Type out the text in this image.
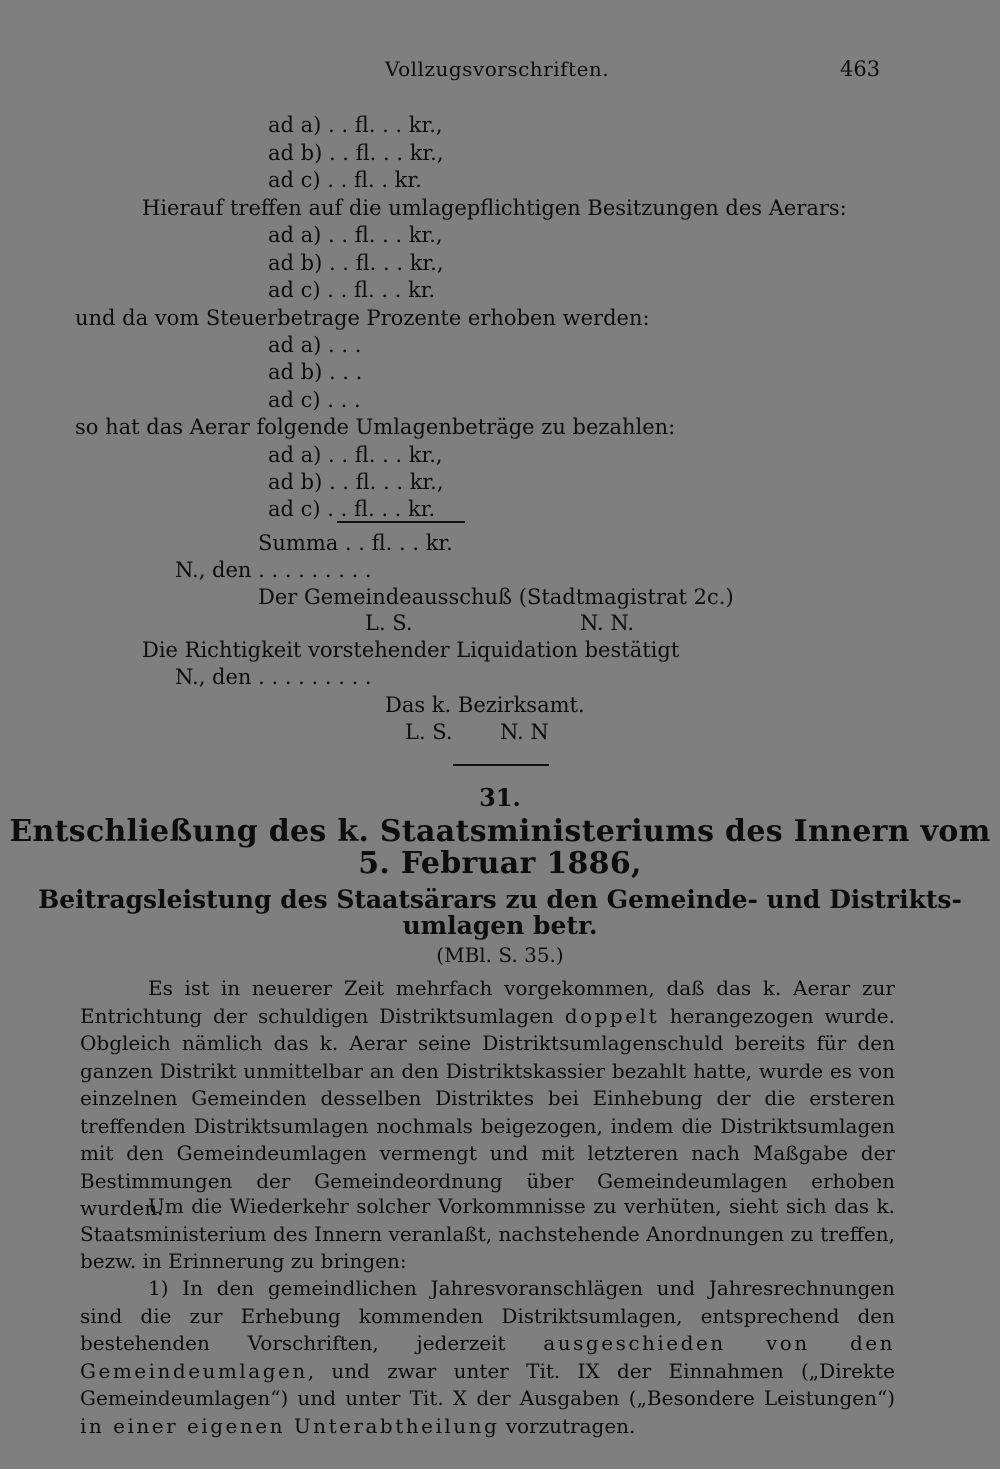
Vollzugsvorschriften.	463
ad a) . . fl. . . kr.,
ad b) . . fl. . . kr.,
ad c) . . fl. . kr.
Hierauf treffen auf die umlagepflichtigen Besitzungen des Aerars:
ad a) . . fl. . . kr.,
ad b) . . fl. . . kr.,
ad c) . . fl. . . kr.
und da vom Steuerbetrage Prozente erhoben werden:
ad a) . . .
ad b) . . .
ad c) . . .
so hat das Aerar folgende Umlagenbeträge zu bezahlen:
ad a) . . fl. . . kr.,
ad b) . . fl. . . kr.,
ad c) . . fl. . . kr.
Summa . . fl. . . kr.
N., den . . . . . . . . .
Der Gemeindeausschuß (Stadtmagistrat 2c.)
L. S.	N. N.
Die Richtigkeit vorstehender Liquidation bestätigt
N., den . . . . . . . . .
Das k. Bezirksamt.
L. S. N. N
31.
Entschließung des k. Staatsministeriums des Innern vom
5. Februar 1886,
Beitragsleistung des Staatsärars zu den Gemeinde- und Distrikts-
umlagen betr.
(MBl. S. 35.)
Es ist in neuerer Zeit mehrfach vorgekommen, daß das k. Aerar zur Entrichtung der schuldigen Distriktsumlagen doppelt herangezogen wurde. Obgleich nämlich das k. Aerar seine Distriktsumlagenschuld bereits für den ganzen Distrikt unmittelbar an den Distriktskassier bezahlt hatte, wurde es von einzelnen Gemeinden desselben Distriktes bei Einhebung der die ersteren treffenden Distriktsumlagen nochmals beigezogen, indem die Distriktsumlagen mit den Gemeindeumlagen vermengt und mit letzteren nach Maßgabe der Bestimmungen der Gemeindeordnung über Gemeindeumlagen erhoben wurden.
Um die Wiederkehr solcher Vorkommnisse zu verhüten, sieht sich das k. Staatsministerium des Innern veranlaßt, nachstehende Anordnungen zu treffen, bezw. in Erinnerung zu bringen:
1) In den gemeindlichen Jahresvoranschlägen und Jahresrechnungen sind die zur Erhebung kommenden Distriktsumlagen, entsprechend den bestehenden Vorschriften, jederzeit ausgeschieden von den Gemeindeumlagen, und zwar unter Tit. IX der Einnahmen („Direkte Gemeindeumlagen“) und unter Tit. X der Ausgaben („Besondere Leistungen“) in einer eigenen Unterabtheilung vorzutragen.
